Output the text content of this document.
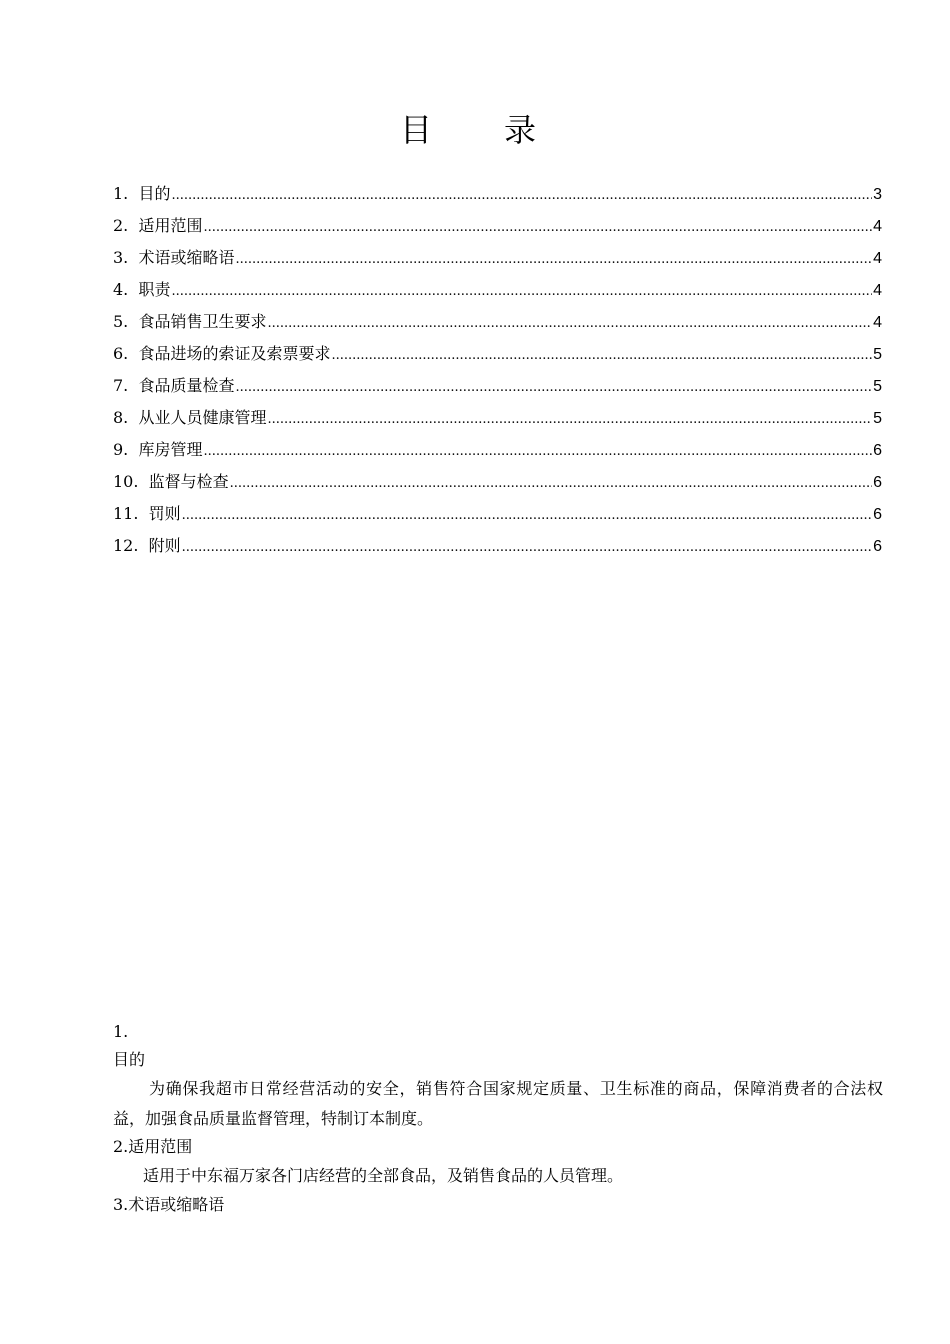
目录
1. 目的 .....	3
2. 适用范围 .....	4
3. 术语或缩略语 .....	4
4. 职责 .....	4
5. 食品销售卫生要求 .....	4
6. 食品进场的索证及索票要求 .....	5
7. 食品质量检查 .....	5
8. 从业人员健康管理 .....	5
9. 库房管理 .....	6
10. 监督与检查 .....	6
11. 罚则 .....	6
12. 附则 .....	6
1.
目的
为确保我超市日常经营活动的安全，销售符合国家规定质量、卫生标准的商品，保障消费者的合法权益，加强食品质量监督管理，特制订本制度。
2.适用范围
适用于中东福万家各门店经营的全部食品，及销售食品的人员管理。
3.术语或缩略语
